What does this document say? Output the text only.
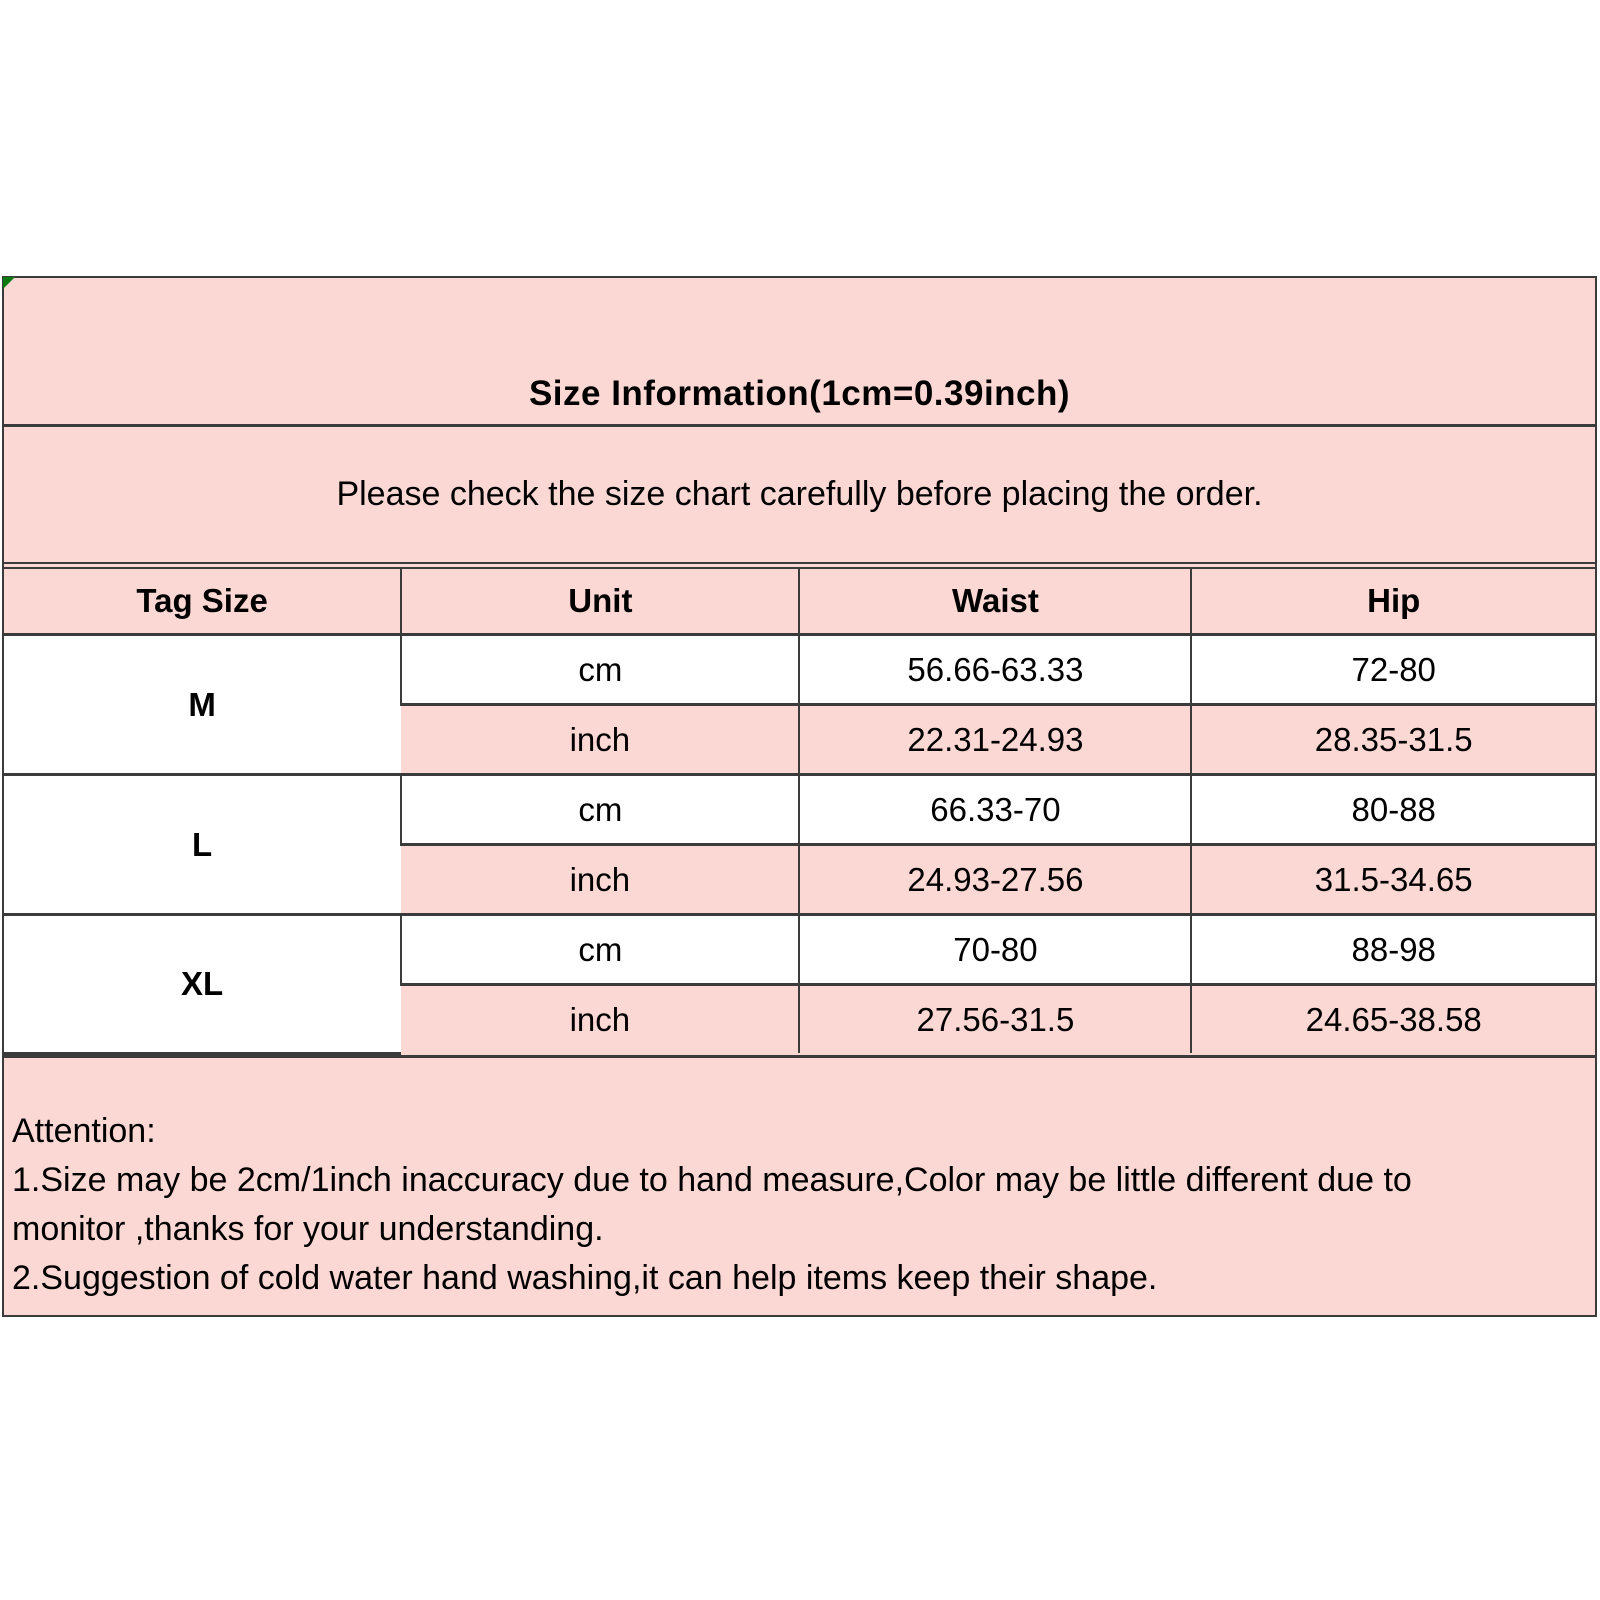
Size Information(1cm=0.39inch)
Please check the size chart carefully before placing the order.
Tag Size	Unit	Waist	Hip
M	cm	56.66-63.33	72-80
	inch	22.31-24.93	28.35-31.5
L	cm	66.33-70	80-88
	inch	24.93-27.56	31.5-34.65
XL	cm	70-80	88-98
	inch	27.56-31.5	24.65-38.58
Attention:
1.Size may be 2cm/1inch inaccuracy due to hand measure,Color may be little different due to
monitor ,thanks for your understanding.
2.Suggestion of cold water hand washing,it can help items keep their shape.
